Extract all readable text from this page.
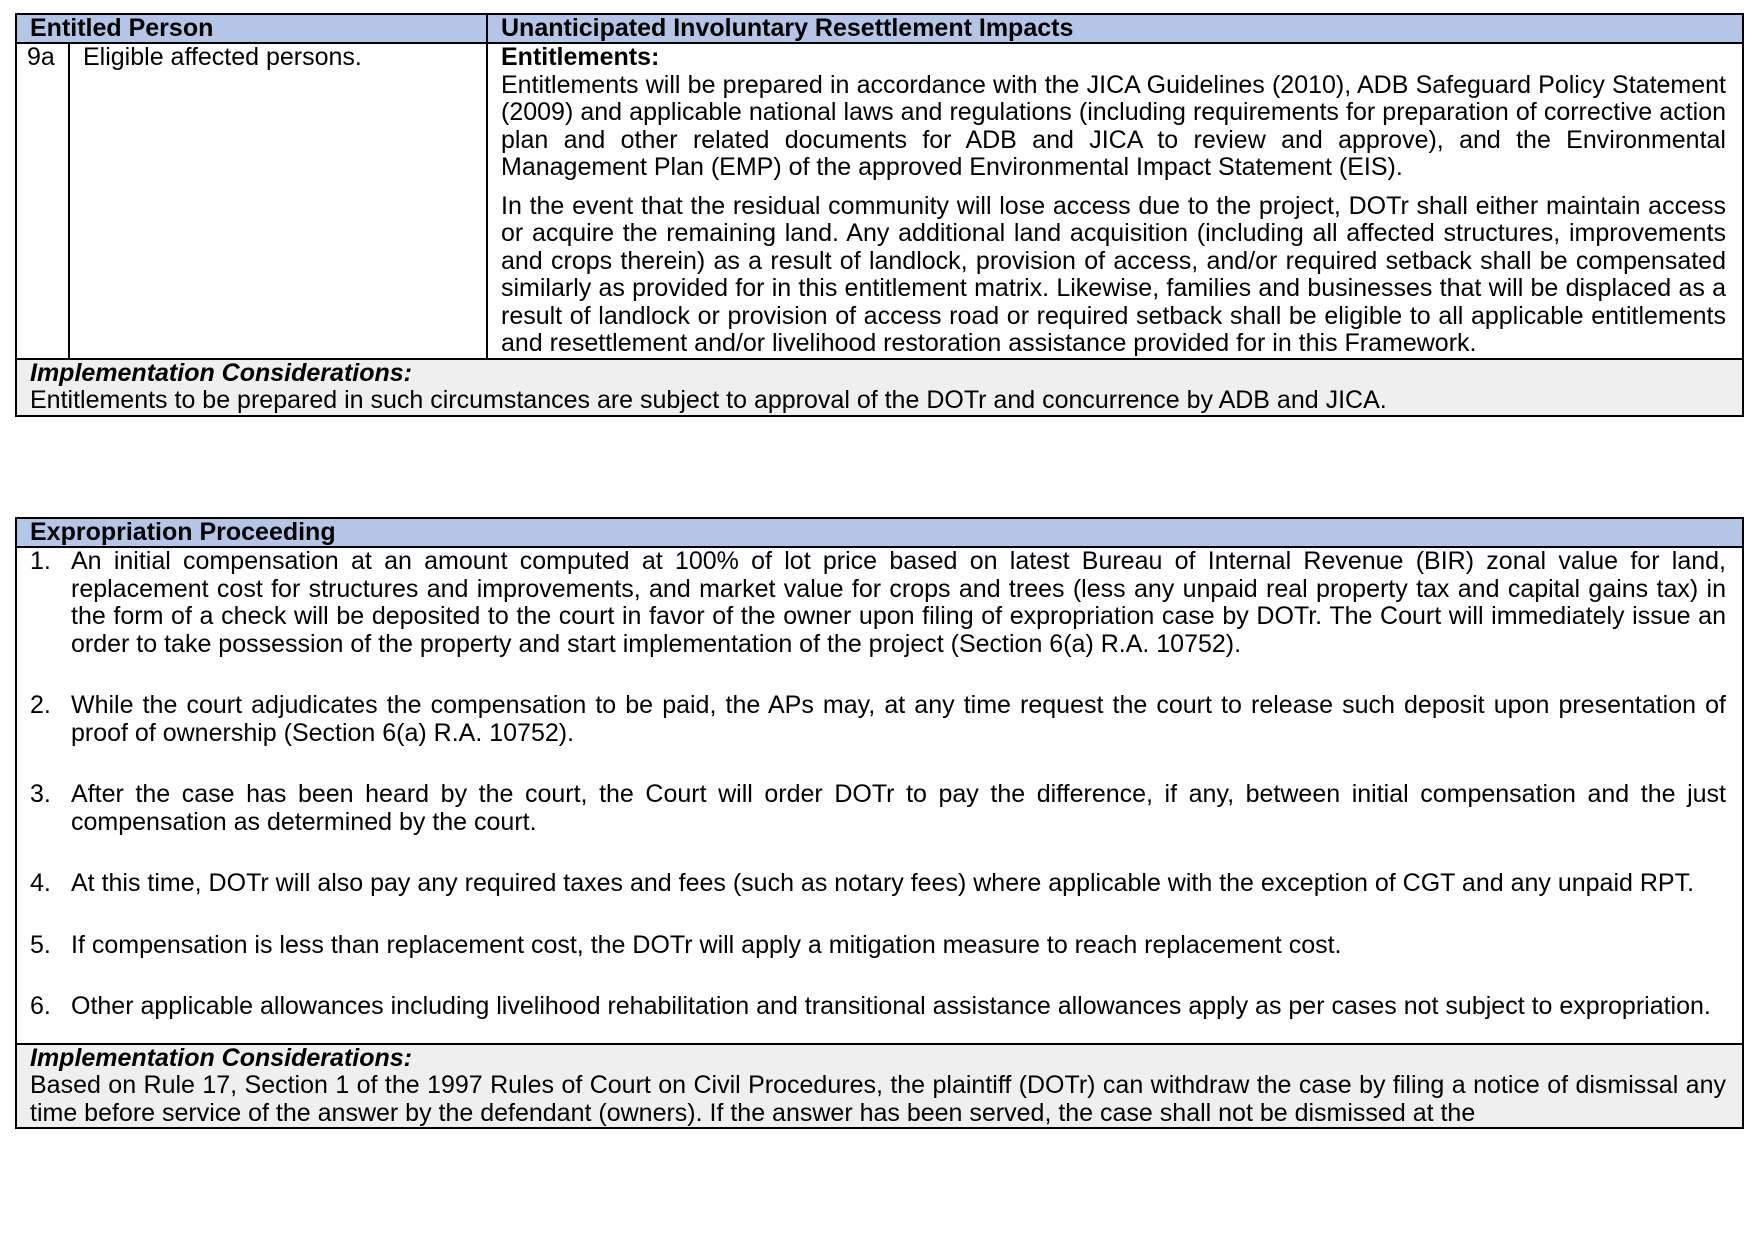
Entitled Person		Unanticipated Involuntary Resettlement Impacts
9a	Eligible affected persons.	Entitlements:

Entitlements will be prepared in accordance with the JICA Guidelines (2010), ADB Safeguard Policy Statement (2009) and applicable national laws and regulations (including requirements for preparation of corrective action plan and other related documents for ADB and JICA to review and approve), and the Environmental Management Plan (EMP) of the approved Environmental Impact Statement (EIS).

In the event that the residual community will lose access due to the project, DOTr shall either maintain access or acquire the remaining land. Any additional land acquisition (including all affected structures, improvements and crops therein) as a result of landlock, provision of access, and/or required setback shall be compensated similarly as provided for in this entitlement matrix. Likewise, families and businesses that will be displaced as a result of landlock or provision of access road or required setback shall be eligible to all applicable entitlements and resettlement and/or livelihood restoration assistance provided for in this Framework.

Implementation Considerations:

Entitlements to be prepared in such circumstances are subject to approval of the DOTr and concurrence by ADB and JICA.		

Expropriation Proceeding

1. An initial compensation at an amount computed at 100% of lot price based on latest Bureau of Internal Revenue (BIR) zonal value for land, replacement cost for structures and improvements, and market value for crops and trees (less any unpaid real property tax and capital gains tax) in the form of a check will be deposited to the court in favor of the owner upon filing of expropriation case by DOTr. The Court will immediately issue an order to take possession of the property and start implementation of the project (Section 6(a) R.A. 10752).
2. While the court adjudicates the compensation to be paid, the APs may, at any time request the court to release such deposit upon presentation of proof of ownership (Section 6(a) R.A. 10752).
3. After the case has been heard by the court, the Court will order DOTr to pay the difference, if any, between initial compensation and the just compensation as determined by the court.
4. At this time, DOTr will also pay any required taxes and fees (such as notary fees) where applicable with the exception of CGT and any unpaid RPT.
5. If compensation is less than replacement cost, the DOTr will apply a mitigation measure to reach replacement cost.
6. Other applicable allowances including livelihood rehabilitation and transitional assistance allowances apply as per cases not subject to expropriation.

Implementation Considerations:

Based on Rule 17, Section 1 of the 1997 Rules of Court on Civil Procedures, the plaintiff (DOTr) can withdraw the case by filing a notice of dismissal any time before service of the answer by the defendant (owners). If the answer has been served, the case shall not be dismissed at the
